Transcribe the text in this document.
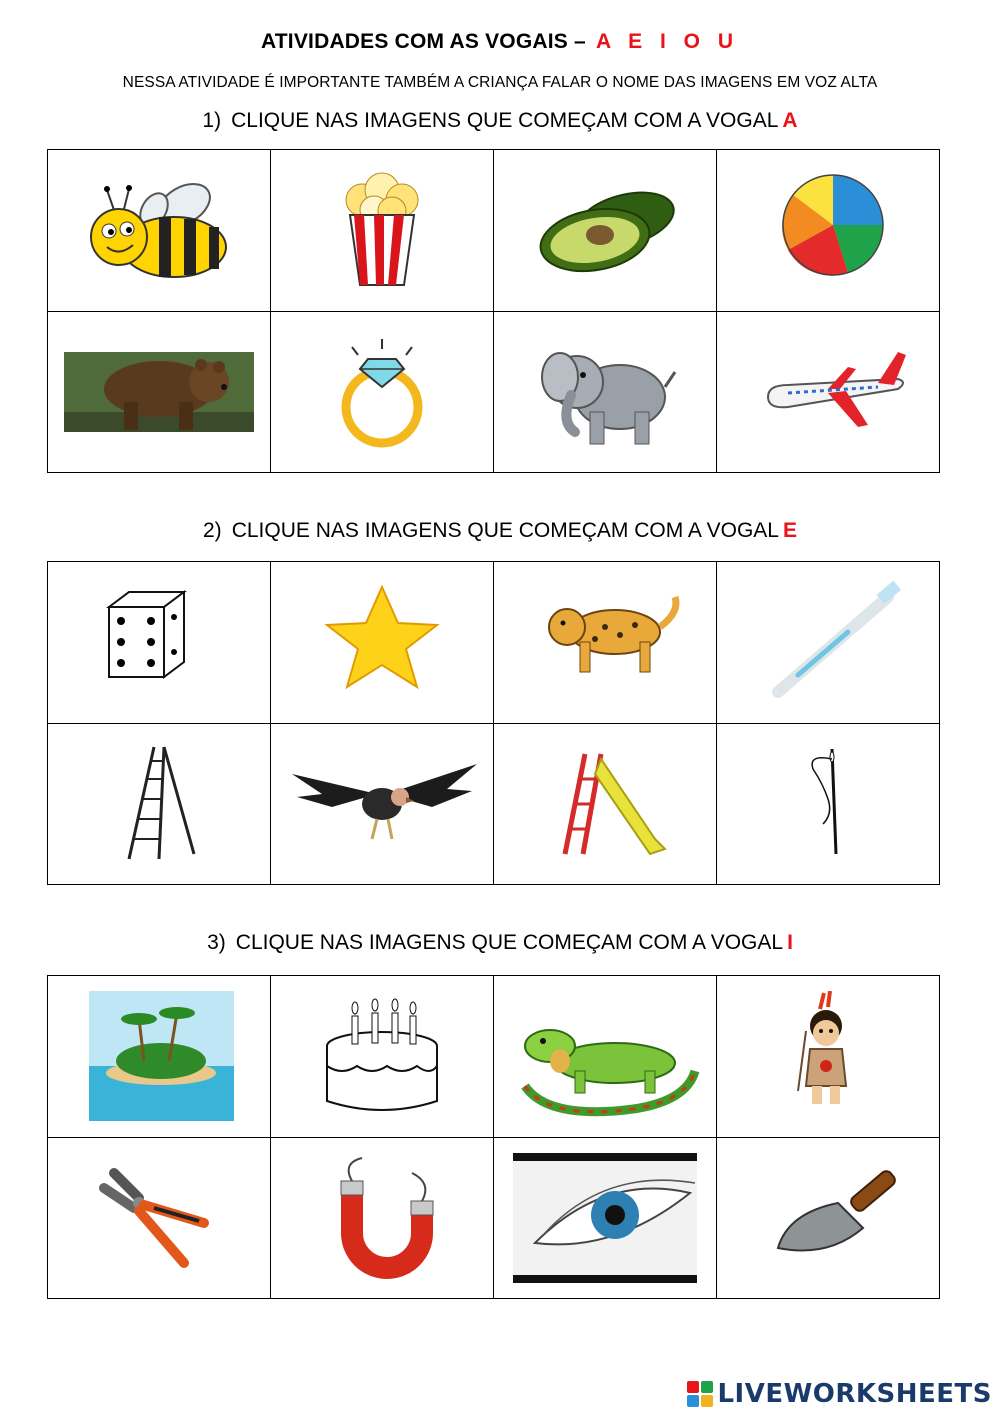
ATIVIDADES COM AS VOGAIS – A E I O U
NESSA ATIVIDADE É IMPORTANTE TAMBÉM A CRIANÇA FALAR O NOME DAS IMAGENS EM VOZ ALTA
1) CLIQUE NAS IMAGENS QUE COMEÇAM COM A VOGAL A
2) CLIQUE NAS IMAGENS QUE COMEÇAM COM A VOGAL E
3) CLIQUE NAS IMAGENS QUE COMEÇAM COM A VOGAL I
LIVEWORKSHEETS
